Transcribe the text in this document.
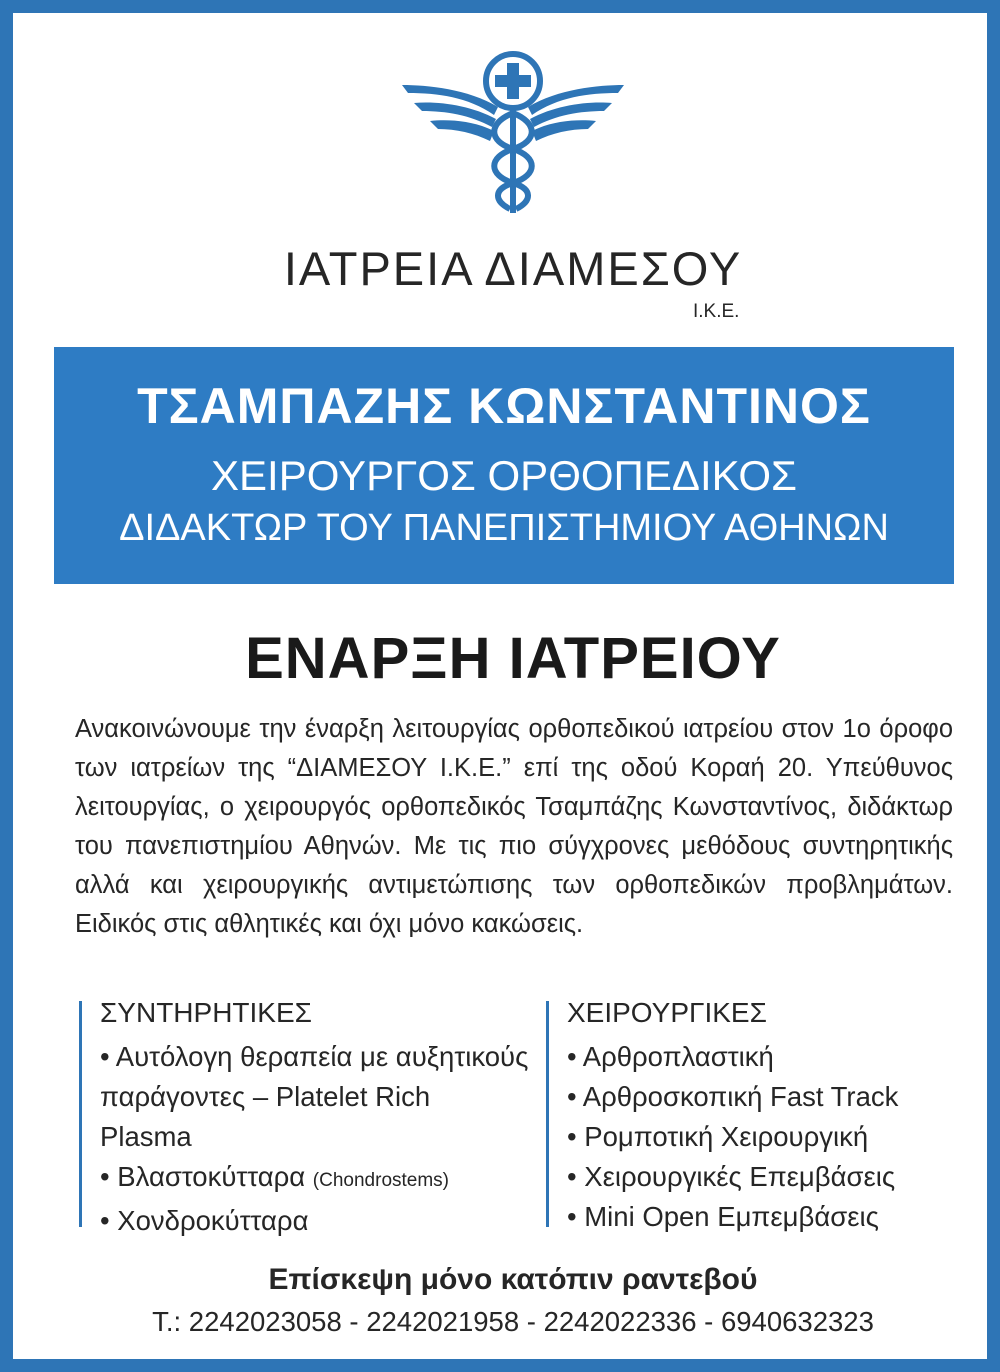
ΙΑΤΡΕΙΑ ΔΙΑΜΕΣΟΥ
Ι.Κ.Ε.
ΤΣΑΜΠΑΖΗΣ ΚΩΝΣΤΑΝΤΙΝΟΣ
ΧΕΙΡΟΥΡΓΟΣ ΟΡΘΟΠΕΔΙΚΟΣ
ΔΙΔΑΚΤΩΡ ΤΟΥ ΠΑΝΕΠΙΣΤΗΜΙΟΥ ΑΘΗΝΩΝ
ΕΝΑΡΞΗ ΙΑΤΡΕΙΟΥ
Ανακοινώνουμε την έναρξη λειτουργίας ορθοπεδικού ιατρείου στον 1ο όροφο των ιατρείων της “ΔΙΑΜΕΣΟΥ Ι.Κ.Ε.” επί της οδού Κοραή 20. Υπεύθυνος λειτουργίας, ο χειρουργός ορθοπεδικός Τσαμπάζης Κωνσταντίνος, διδάκτωρ του πανεπιστημίου Αθηνών. Με τις πιο σύγχρονες μεθόδους συντηρητικής αλλά και χειρουργικής αντιμετώπισης των ορθοπεδικών προβλημάτων. Ειδικός στις αθλητικές και όχι μόνο κακώσεις.
ΣΥΝΤΗΡΗΤΙΚΕΣ
• Αυτόλογη θεραπεία με αυξητικούς παράγοντες – Platelet Rich Plasma
• Βλαστοκύτταρα (Chondrostems)
• Χονδροκύτταρα
ΧΕΙΡΟΥΡΓΙΚΕΣ
• Αρθροπλαστική
• Αρθροσκοπική Fast Track
• Ρομποτική Χειρουργική
• Χειρουργικές Επεμβάσεις
• Mini Open Εμπεμβάσεις
Επίσκεψη μόνο κατόπιν ραντεβού
Τ.: 2242023058 - 2242021958 - 2242022336 - 6940632323
